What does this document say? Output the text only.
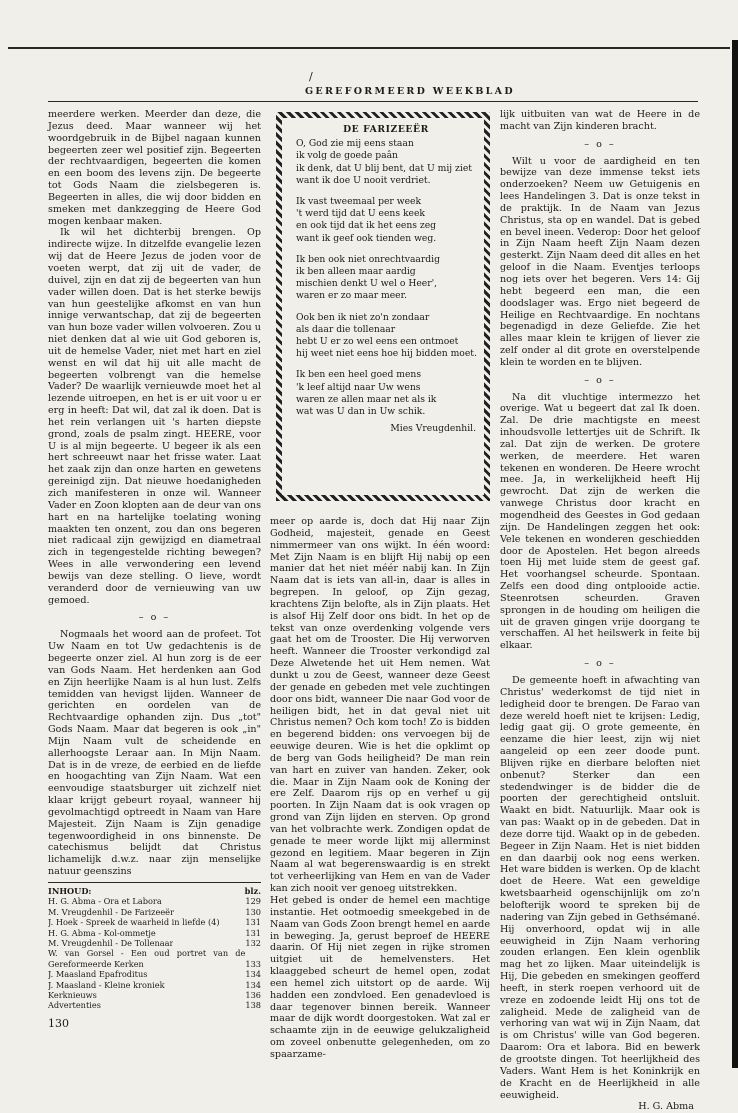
/
GEREFORMEERD WEEKBLAD

meerdere werken. Meerder dan deze, die Jezus deed. Maar wanneer wij het woordgebruik in de Bijbel nagaan kunnen begeerten zeer wel positief zijn. Begeerten der rechtvaardigen, begeerten die komen en een boom des levens zijn. De begeerte tot Gods Naam die zielsbegeren is. Begeerten in alles, die wij door bidden en smeken met dankzegging de Heere God mogen kenbaar maken.

Ik wil het dichterbij brengen. Op indirecte wijze. In ditzelfde evangelie lezen wij dat de Heere Jezus de joden voor de voeten werpt, dat zij uit de vader, de duivel, zijn en dat zij de begeerten van hun vader willen doen. Dat is het sterke bewijs van hun geestelijke afkomst en van hun innige verwantschap, dat zij de begeerten van hun boze vader willen volvoeren. Zou u niet denken dat al wie uit God geboren is, uit de hemelse Vader, niet met hart en ziel wenst en wil dat hij uit alle macht de begeerten volbrengt van die hemelse Vader? De waarlijk vernieuwde moet het al lezende uitroepen, en het is er uit voor u er erg in heeft: Dat wil, dat zal ik doen. Dat is het rein verlangen uit 's harten diepste grond, zoals de psalm zingt. HEERE, voor U is al mijn begeerte. U begeer ik als een hert schreeuwt naar het frisse water. Laat het zaak zijn dan onze harten en gewetens gereinigd zijn. Dat nieuwe hoedanigheden zich manifesteren in onze wil. Wanneer Vader en Zoon klopten aan de deur van ons hart en na hartelijke toelating woning maakten ten onzent, zou dan ons begeren niet radicaal zijn gewijzigd en diametraal zich in tegengestelde richting bewegen? Wees in alle verwondering een levend bewijs van deze stelling. O lieve, wordt veranderd door de vernieuwing van uw gemoed.

– o –

Nogmaals het woord aan de profeet. Tot Uw Naam en tot Uw gedachtenis is de begeerte onzer ziel. Al hun zorg is de eer van Gods Naam. Het herdenken aan God en Zijn heerlijke Naam is al hun lust. Zelfs temidden van hevigst lijden. Wanneer de gerichten en oordelen van de Rechtvaardige ophanden zijn. Dus „tot" Gods Naam. Maar dat begeren is ook „in" Mijn Naam vult de scheidende en allerhoogste Leraar aan. In Mijn Naam. Dat is in de vreze, de eerbied en de liefde en hoogachting van Zijn Naam. Wat een eenvoudige staatsburger uit zichzelf niet klaar krijgt gebeurt royaal, wanneer hij gevolmachtigd optreedt in Naam van Hare Majesteit. Zijn Naam is Zijn genadige tegenwoordigheid in ons binnenste. De catechismus belijdt dat Christus lichamelijk d.w.z. naar zijn menselijke natuur geenszins

INHOUD:	blz.
H. G. Abma - Ora et Labora	129
M. Vreugdenhil - De Farizeeër	130
J. Hoek - Spreek de waarheid in liefde (4)	131
H. G. Abma - Kol-ommetje	131
M. Vreugdenhil - De Tollenaar	132
W. van Gorsel - Een oud portret van de Gereformeerde Kerken	133
J. Maasland Epafroditus	134
J. Maasland - Kleine kroniek	134
Kerknieuws	136
Advertenties	138
DE FARIZEEËR
O, God zie mij eens staan
ik volg de goede paân
ik denk, dat U blij bent, dat U mij ziet
want ik doe U nooit verdriet.
Ik vast tweemaal per week
't werd tijd dat U eens keek
en ook tijd dat ik het eens zeg
want ik geef ook tienden weg.
Ik ben ook niet onrechtvaardig
ik ben alleen maar aardig
mischien denkt U wel o Heer',
waren er zo maar meer.
Ook ben ik niet zo'n zondaar
als daar die tollenaar
hebt U er zo wel eens een ontmoet
hij weet niet eens hoe hij bidden moet.
Ik ben een heel goed mens
'k leef altijd naar Uw wens
waren ze allen maar net als ik
wat was U dan in Uw schik.
Mies Vreugdenhil.

meer op aarde is, doch dat Hij naar Zijn Godheid, majesteit, genade en Geest nimmermeer van ons wijkt. In één woord: Met Zijn Naam is en blijft Hij nabij op een manier dat het niet méér nabij kan. In Zijn Naam dat is iets van all-in, daar is alles in begrepen. In geloof, op Zijn gezag, krachtens Zijn belofte, als in Zijn plaats. Het is alsof Hij Zelf door ons bidt. In het op de tekst van onze overdenking volgende vers gaat het om de Trooster. Die Hij verworven heeft. Wanneer die Trooster verkondigd zal Deze Alwetende het uit Hem nemen. Wat dunkt u zou de Geest, wanneer deze Geest der genade en gebeden met vele zuchtingen door ons bidt, wanneer Die naar God voor de heiligen bidt, het in dat geval niet uit Christus nemen? Och kom toch! Zo is bidden en begerend bidden: ons vervoegen bij de eeuwige deuren. Wie is het die opklimt op de berg van Gods heiligheid? De man rein van hart en zuiver van handen. Zeker, ook die. Maar in Zijn Naam ook de Koning der ere Zelf. Daarom rijs op en verhef u gij poorten. In Zijn Naam dat is ook vragen op grond van Zijn lijden en sterven. Op grond van het volbrachte werk. Zondigen opdat de genade te meer worde lijkt mij allerminst gezond en legitiem. Maar begeren in Zijn Naam al wat begerenswaardig is en strekt tot verheerlijking van Hem en van de Vader kan zich nooit ver genoeg uitstrekken.

Het gebed is onder de hemel een machtige instantie. Het ootmoedig smeekgebed in de Naam van Gods Zoon brengt hemel en aarde in beweging. Ja, gerust beproef de HEERE daarin. Of Hij niet zegen in rijke stromen uitgiet uit de hemelvensters. Het klaaggebed scheurt de hemel open, zodat een hemel zich uitstort op de aarde. Wij hadden een zondvloed. Een genadevloed is daar tegenover binnen bereik. Wanneer maar de dijk wordt doorgestoken. Wat zal er schaamte zijn in de eeuwige gelukzaligheid om zoveel onbenutte gelegenheden, om zo spaarzame-

lijk uitbuiten van wat de Heere in de macht van Zijn kinderen bracht.

– o –

Wilt u voor de aardigheid en ten bewijze van deze immense tekst iets onderzoeken? Neem uw Getuigenis en lees Handelingen 3. Dat is onze tekst in de praktijk. In de Naam van Jezus Christus, sta op en wandel. Dat is gebed en bevel ineen. Vederop: Door het geloof in Zijn Naam heeft Zijn Naam dezen gesterkt. Zijn Naam deed dit alles en het geloof in die Naam. Eventjes terloops nog iets over het begeren. Vers 14: Gij hebt begeerd een man, die een doodslager was. Ergo niet begeerd de Heilige en Rechtvaardige. En nochtans begenadigd in deze Geliefde. Zie het alles maar klein te krijgen of liever zie zelf onder al dit grote en overstelpende klein te worden en te blijven.

– o –

Na dit vluchtige intermezzo het overige. Wat u begeert dat zal Ik doen. Zal. De drie machtigste en meest inhoudsvolle lettertjes uit de Schrift. Ik zal. Dat zijn de werken. De grotere werken, de meerdere. Het waren tekenen en wonderen. De Heere wrocht mee. Ja, in werkelijkheid heeft Hij gewrocht. Dat zijn de werken die vanwege Christus door kracht en mogendheid des Geestes in God gedaan zijn. De Handelingen zeggen het ook: Vele tekenen en wonderen geschiedden door de Apostelen. Het begon alreeds toen Hij met luide stem de geest gaf. Het voorhangsel scheurde. Spontaan. Zelfs een dood ding ontplooide actie. Steenrotsen scheurden. Graven sprongen in de houding om heiligen die uit de graven gingen vrije doorgang te verschaffen. Al het heilswerk in feite bij elkaar.

– o –

De gemeente hoeft in afwachting van Christus' wederkomst de tijd niet in ledigheid door te brengen. De Farao van deze wereld hoeft niet te krijsen: Ledig, ledig gaat gij. O grote gemeente, èn eenzame die hier leest, zijn wij niet aangeleid op een zeer doode punt. Blijven rijke en dierbare beloften niet onbenut? Sterker dan een stedendwinger is de bidder die de poorten der gerechtigheid ontsluit. Waakt en bidt. Natuurlijk. Maar ook is van pas: Waakt op in de gebeden. Dat in deze dorre tijd. Waakt op in de gebeden. Begeer in Zijn Naam. Het is niet bidden en dan daarbij ook nog eens werken. Het ware bidden is werken. Op de klacht doet de Heere. Wat een geweldige kwetsbaarheid ogenschijnlijk om zo'n belofterijk woord te spreken bij de nadering van Zijn gebed in Gethsémané. Hij onverhoord, opdat wij in alle eeuwigheid in Zijn Naam verhoring zouden erlangen. Een klein ogenblik mag het zo lijken. Maar uiteindelijk is Hij, Die gebeden en smekingen geofferd heeft, in sterk roepen verhoord uit de vreze en zodoende leidt Hij ons tot de zaligheid. Mede de zaligheid van de verhoring van wat wij in Zijn Naam, dat is om Christus' wille van God begeren. Daarom: Ora et labora. Bid en bewerk de grootste dingen. Tot heerlijkheid des Vaders. Want Hem is het Koninkrijk en de Kracht en de Heerlijkheid in alle eeuwigheid.

H. G. Abma
130
